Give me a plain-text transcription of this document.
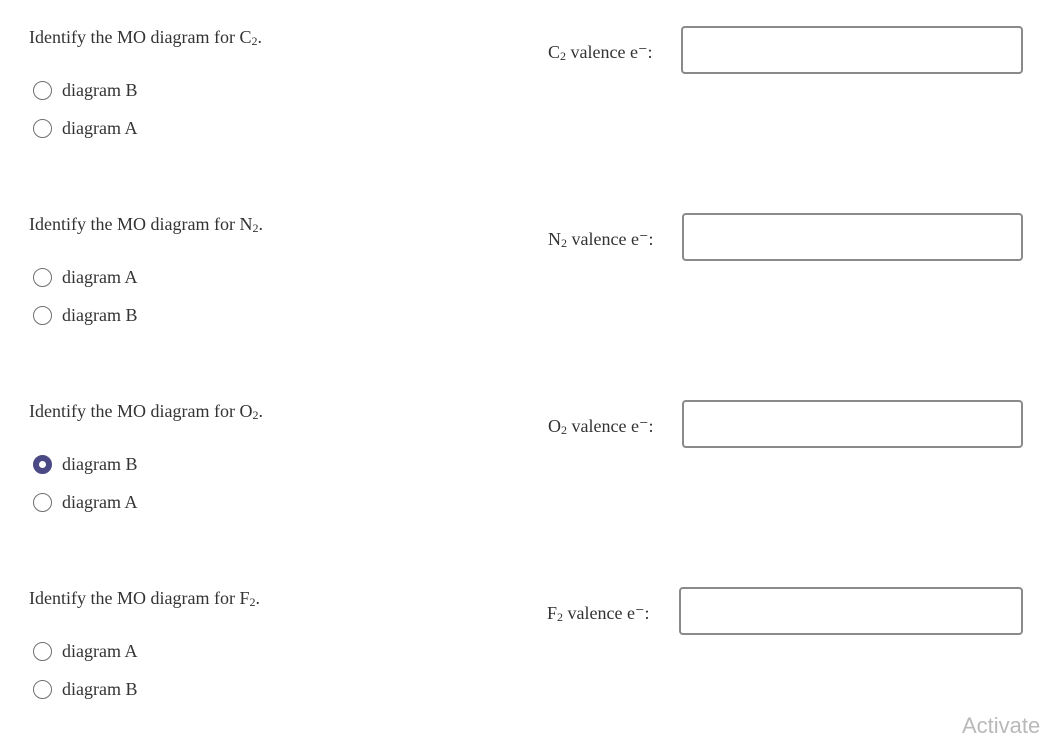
Identify the MO diagram for $C_2$.
diagram B
diagram A
$C_2$ valence e⁻:
Identify the MO diagram for $N_2$.
diagram A
diagram B
$N_2$ valence e⁻:
Identify the MO diagram for $O_2$.
diagram B
diagram A
$O_2$ valence e⁻:
Identify the MO diagram for $F_2$.
diagram A
diagram B
$F_2$ valence e⁻:
Activate
